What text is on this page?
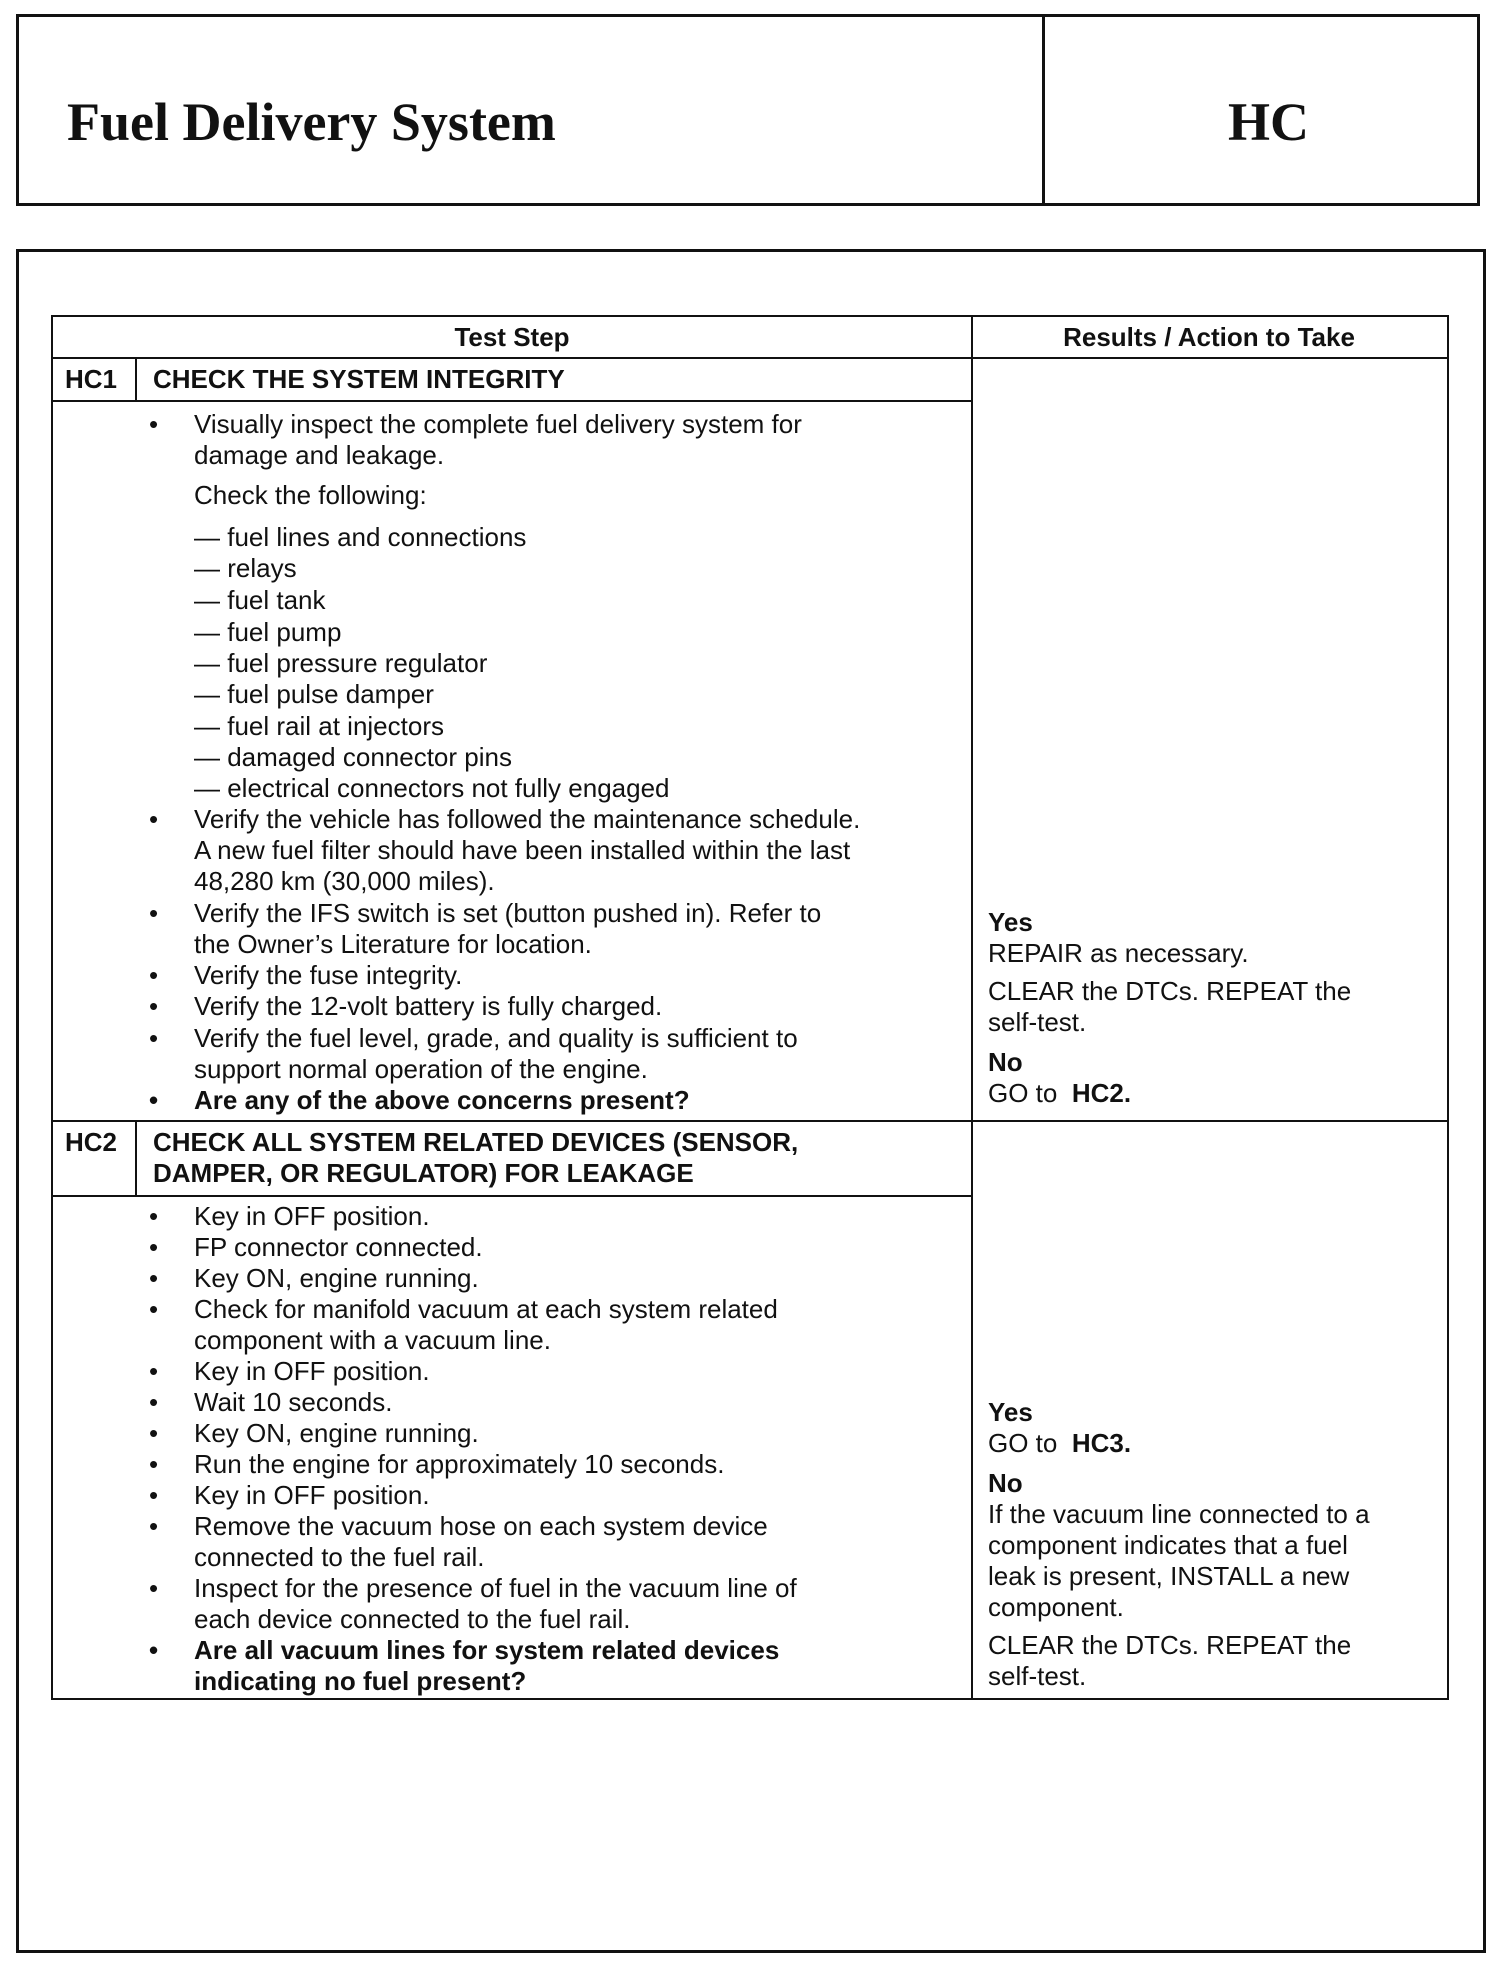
Fuel Delivery System	HC
Test Step	Results / Action to Take
HC1 CHECK THE SYSTEM INTEGRITY
• Visually inspect the complete fuel delivery system for
damage and leakage.
Check the following:
— fuel lines and connections
— relays
— fuel tank
— fuel pump
— fuel pressure regulator
— fuel pulse damper
— fuel rail at injectors
— damaged connector pins
— electrical connectors not fully engaged
• Verify the vehicle has followed the maintenance schedule.
A new fuel filter should have been installed within the last
48,280 km (30,000 miles).
• Verify the IFS switch is set (button pushed in). Refer to
the Owner’s Literature for location.
• Verify the fuse integrity.
• Verify the 12-volt battery is fully charged.
• Verify the fuel level, grade, and quality is sufficient to
support normal operation of the engine.
• Are any of the above concerns present?
Yes
REPAIR as necessary.
CLEAR the DTCs. REPEAT the
self-test.
No
GO to HC2.
HC2 CHECK ALL SYSTEM RELATED DEVICES (SENSOR,
DAMPER, OR REGULATOR) FOR LEAKAGE
• Key in OFF position.
• FP connector connected.
• Key ON, engine running.
• Check for manifold vacuum at each system related
component with a vacuum line.
• Key in OFF position.
• Wait 10 seconds.
• Key ON, engine running.
• Run the engine for approximately 10 seconds.
• Key in OFF position.
• Remove the vacuum hose on each system device
connected to the fuel rail.
• Inspect for the presence of fuel in the vacuum line of
each device connected to the fuel rail.
• Are all vacuum lines for system related devices
indicating no fuel present?
Yes
GO to HC3.
No
If the vacuum line connected to a
component indicates that a fuel
leak is present, INSTALL a new
component.
CLEAR the DTCs. REPEAT the
self-test.
